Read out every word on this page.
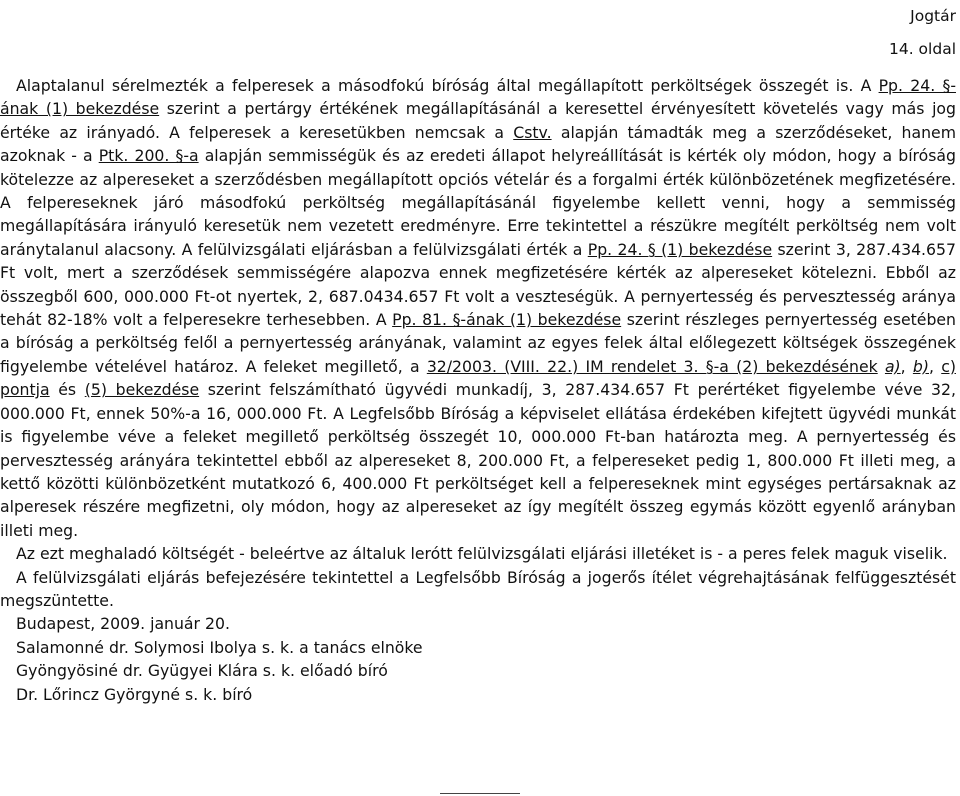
Jogtár
14. oldal

Alaptalanul sérelmezték a felperesek a másodfokú bíróság által megállapított perköltségek összegét is. A Pp. 24. §-ának (1) bekezdése szerint a pertárgy értékének megállapításánál a keresettel érvényesített követelés vagy más jog értéke az irányadó. A felperesek a keresetükben nemcsak a Cstv. alapján támadták meg a szerződéseket, hanem azoknak - a Ptk. 200. §-a alapján semmisségük és az eredeti állapot helyreállítását is kérték oly módon, hogy a bíróság kötelezze az alpereseket a szerződésben megállapított opciós vételár és a forgalmi érték különbözetének megfizetésére. A felpereseknek járó másodfokú perköltség megállapításánál figyelembe kellett venni, hogy a semmisség megállapítására irányuló keresetük nem vezetett eredményre. Erre tekintettel a részükre megítélt perköltség nem volt aránytalanul alacsony. A felülvizsgálati eljárásban a felülvizsgálati érték a Pp. 24. § (1) bekezdése szerint 3, 287.434.657 Ft volt, mert a szerződések semmisségére alapozva ennek megfizetésére kérték az alpereseket kötelezni. Ebből az összegből 600, 000.000 Ft-ot nyertek, 2, 687.0434.657 Ft volt a veszteségük. A pernyertesség és pervesztesség aránya tehát 82-18% volt a felperesekre terhesebben. A Pp. 81. §-ának (1) bekezdése szerint részleges pernyertesség esetében a bíróság a perköltség felől a pernyertesség arányának, valamint az egyes felek által előlegezett költségek összegének figyelembe vételével határoz. A feleket megillető, a 32/2003. (VIII. 22.) IM rendelet 3. §-a (2) bekezdésének a), b), c) pontja és (5) bekezdése szerint felszámítható ügyvédi munkadíj, 3, 287.434.657 Ft perértéket figyelembe véve 32, 000.000 Ft, ennek 50%-a 16, 000.000 Ft. A Legfelsőbb Bíróság a képviselet ellátása érdekében kifejtett ügyvédi munkát is figyelembe véve a feleket megillető perköltség összegét 10, 000.000 Ft-ban határozta meg. A pernyertesség és pervesztesség arányára tekintettel ebből az alpereseket 8, 200.000 Ft, a felpereseket pedig 1, 800.000 Ft illeti meg, a kettő közötti különbözetként mutatkozó 6, 400.000 Ft perköltséget kell a felpereseknek mint egységes pertársaknak az alperesek részére megfizetni, oly módon, hogy az alpereseket az így megítélt összeg egymás között egyenlő arányban illeti meg.

Az ezt meghaladó költségét - beleértve az általuk lerótt felülvizsgálati eljárási illetéket is - a peres felek maguk viselik.

A felülvizsgálati eljárás befejezésére tekintettel a Legfelsőbb Bíróság a jogerős ítélet végrehajtásának felfüggesztését megszüntette.

Budapest, 2009. január 20.

Salamonné dr. Solymosi Ibolya s. k. a tanács elnöke

Gyöngyösiné dr. Gyügyei Klára s. k. előadó bíró

Dr. Lőrincz Györgyné s. k. bíró
